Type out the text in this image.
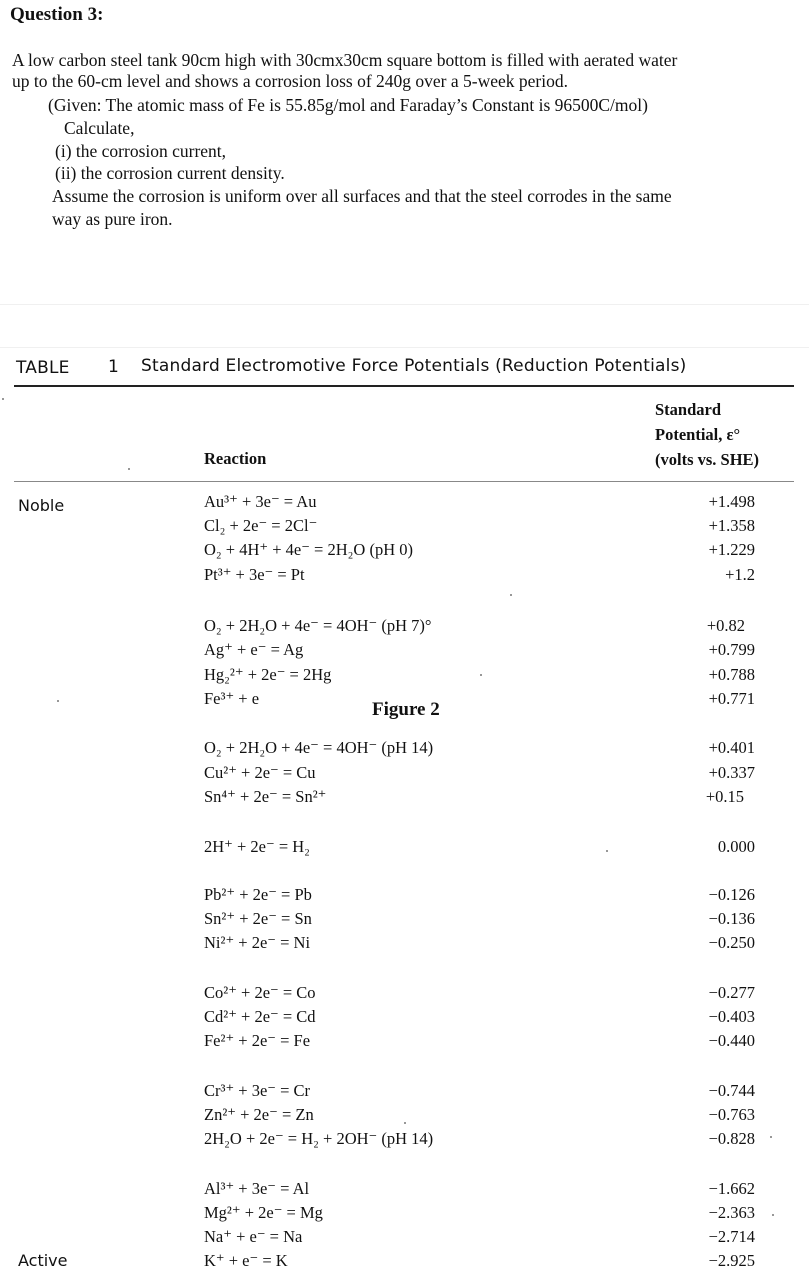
Question 3:
A low carbon steel tank 90cm high with 30cmx30cm square bottom is filled with aerated water
up to the 60-cm level and shows a corrosion loss of 240g over a 5-week period.
(Given: The atomic mass of Fe is 55.85g/mol and Faraday’s Constant is 96500C/mol)
Calculate,
(i) the corrosion current,
(ii) the corrosion current density.
Assume the corrosion is uniform over all surfaces and that the steel corrodes in the same
way as pure iron.
TABLE 1 Standard Electromotive Force Potentials (Reduction Potentials)
Reaction
Standard
Potential, ε°
(volts vs. SHE)
Noble
Active
Au³⁺ + 3e⁻ = Au	+1.498
Cl₂ + 2e⁻ = 2Cl⁻	+1.358
O₂ + 4H⁺ + 4e⁻ = 2H₂O (pH 0)	+1.229
Pt³⁺ + 3e⁻ = Pt	+1.2
O₂ + 2H₂O + 4e⁻ = 4OH⁻ (pH 7)°	+0.82
Ag⁺ + e⁻ = Ag	+0.799
Hg₂²⁺ + 2e⁻ = 2Hg	+0.788
Fe³⁺ + e	+0.771
Figure 2
O₂ + 2H₂O + 4e⁻ = 4OH⁻ (pH 14)	+0.401
Cu²⁺ + 2e⁻ = Cu	+0.337
Sn⁴⁺ + 2e⁻ = Sn²⁺	+0.15
2H⁺ + 2e⁻ = H₂	0.000
Pb²⁺ + 2e⁻ = Pb	−0.126
Sn²⁺ + 2e⁻ = Sn	−0.136
Ni²⁺ + 2e⁻ = Ni	−0.250
Co²⁺ + 2e⁻ = Co	−0.277
Cd²⁺ + 2e⁻ = Cd	−0.403
Fe²⁺ + 2e⁻ = Fe	−0.440
Cr³⁺ + 3e⁻ = Cr	−0.744
Zn²⁺ + 2e⁻ = Zn	−0.763
2H₂O + 2e⁻ = H₂ + 2OH⁻ (pH 14)	−0.828
Al³⁺ + 3e⁻ = Al	−1.662
Mg²⁺ + 2e⁻ = Mg	−2.363
Na⁺ + e⁻ = Na	−2.714
K⁺ + e⁻ = K	−2.925
